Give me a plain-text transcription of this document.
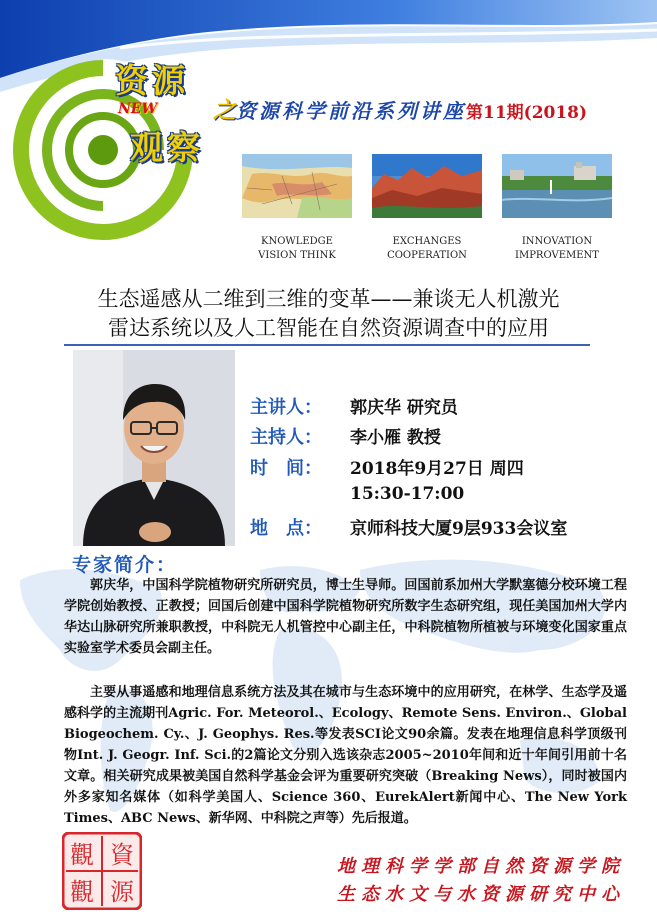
资源
NEW
观察
之资源科学前沿系列讲座第11期(2018)
KNOWLEDGE
VISION THINK
EXCHANGES
COOPERATION
INNOVATION
IMPROVEMENT
生态遥感从二维到三维的变革——兼谈无人机激光
雷达系统以及人工智能在自然资源调查中的应用
主讲人： 郭庆华 研究员
主持人： 李小雁 教授
时　间： 2018年9月27日 周四
15:30-17:00
地　点： 京师科技大厦9层933会议室
专家简介：
郭庆华，中国科学院植物研究所研究员，博士生导师。回国前系加州大学默塞德分校环境工程学院创始教授、正教授；回国后创建中国科学院植物研究所数字生态研究组，现任美国加州大学内华达山脉研究所兼职教授，中科院无人机管控中心副主任，中科院植物所植被与环境变化国家重点实验室学术委员会副主任。
主要从事遥感和地理信息系统方法及其在城市与生态环境中的应用研究，在林学、生态学及遥感科学的主流期刊Agric. For. Meteorol.、Ecology、Remote Sens. Environ.、Global Biogeochem. Cy.、J. Geophys. Res.等发表SCI论文90余篇。发表在地理信息科学顶级刊物Int. J. Geogr. Inf. Sci.的2篇论文分别入选该杂志2005~2010年间和近十年间引用前十名文章。相关研究成果被美国自然科学基金会评为重要研究突破（Breaking News），同时被国内外多家知名媒体（如科学美国人、Science 360、EurekAlert新闻中心、The New York Times、ABC News、新华网、中科院之声等）先后报道。
觀 資
觀 源
地理科学学部自然资源学院
生态水文与水资源研究中心
